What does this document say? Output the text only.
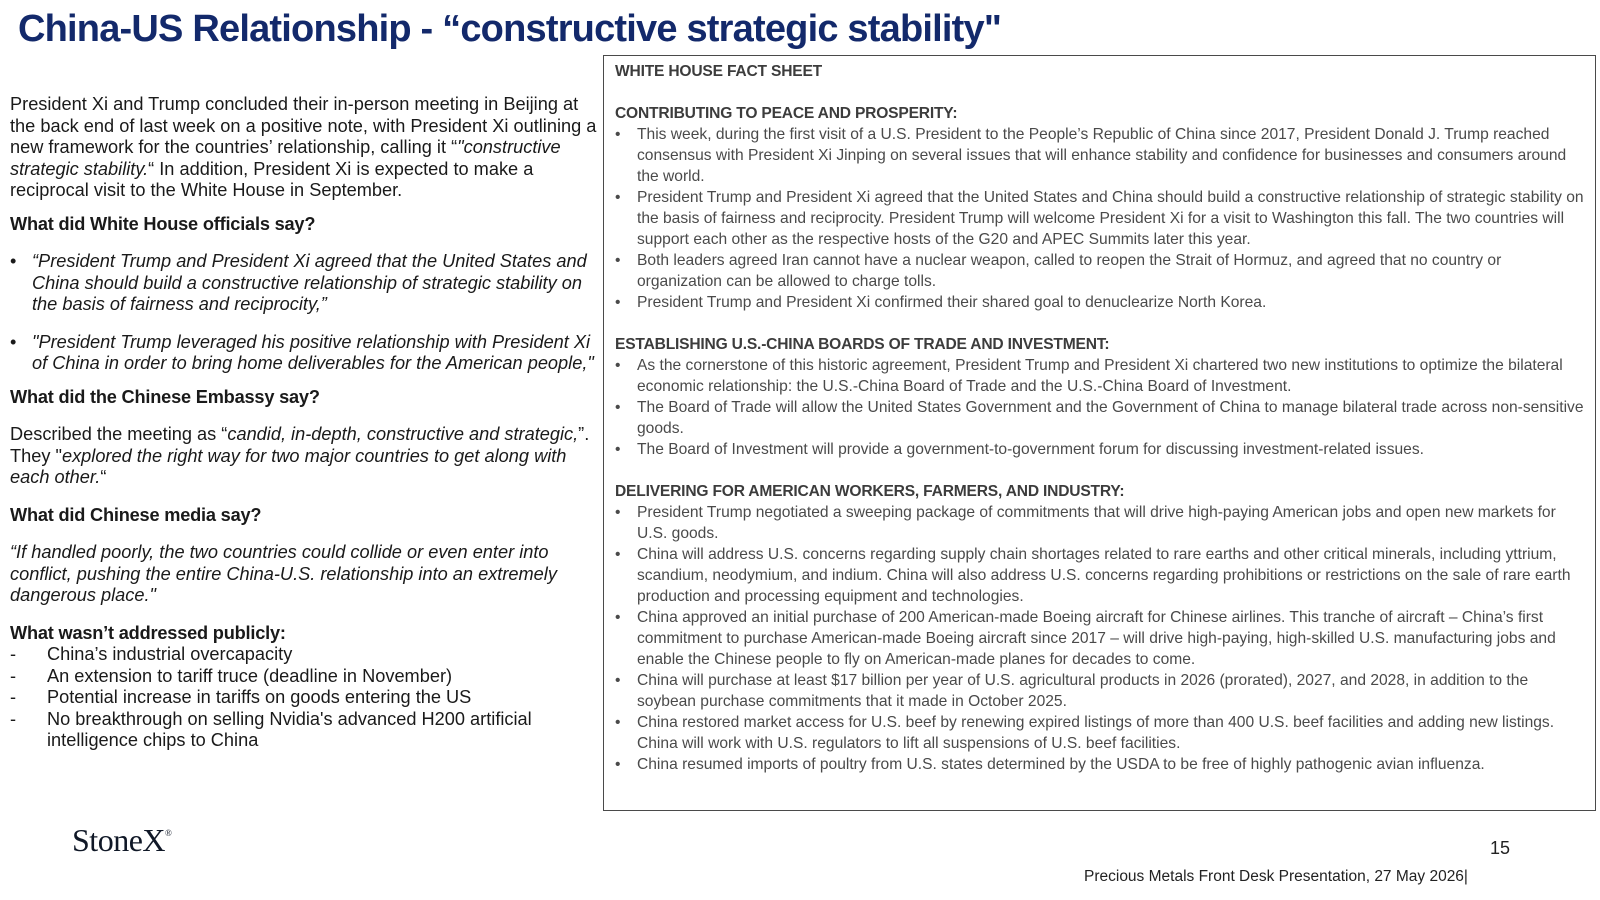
China-US Relationship - “constructive strategic stability"

President Xi and Trump concluded their in-person meeting in Beijing at the back end of last week on a positive note, with President Xi outlining a new framework for the countries’ relationship, calling it “"constructive strategic stability.“ In addition, President Xi is expected to make a reciprocal visit to the White House in September.

What did White House officials say?

• “President Trump and President Xi agreed that the United States and China should build a constructive relationship of strategic stability on the basis of fairness and reciprocity,”
• "President Trump leveraged his positive relationship with President Xi of China in order to bring home deliverables for the American people,"

What did the Chinese Embassy say?

Described the meeting as “candid, in-depth, constructive and strategic,”. They "explored the right way for two major countries to get along with each other.“

What did Chinese media say?

“If handled poorly, the two countries could collide or even enter into conflict, pushing the entire China-U.S. relationship into an extremely dangerous place."

What wasn’t addressed publicly:

- China’s industrial overcapacity
- An extension to tariff truce (deadline in November)
- Potential increase in tariffs on goods entering the US
- No breakthrough on selling Nvidia's advanced H200 artificial intelligence chips to China
WHITE HOUSE FACT SHEET
CONTRIBUTING TO PEACE AND PROSPERITY:
• This week, during the first visit of a U.S. President to the People’s Republic of China since 2017, President Donald J. Trump reached consensus with President Xi Jinping on several issues that will enhance stability and confidence for businesses and consumers around the world.
• President Trump and President Xi agreed that the United States and China should build a constructive relationship of strategic stability on the basis of fairness and reciprocity. President Trump will welcome President Xi for a visit to Washington this fall. The two countries will support each other as the respective hosts of the G20 and APEC Summits later this year.
• Both leaders agreed Iran cannot have a nuclear weapon, called to reopen the Strait of Hormuz, and agreed that no country or organization can be allowed to charge tolls.
• President Trump and President Xi confirmed their shared goal to denuclearize North Korea.
ESTABLISHING U.S.-CHINA BOARDS OF TRADE AND INVESTMENT:
• As the cornerstone of this historic agreement, President Trump and President Xi chartered two new institutions to optimize the bilateral economic relationship: the U.S.-China Board of Trade and the U.S.-China Board of Investment.
• The Board of Trade will allow the United States Government and the Government of China to manage bilateral trade across non-sensitive goods.
• The Board of Investment will provide a government-to-government forum for discussing investment-related issues.
DELIVERING FOR AMERICAN WORKERS, FARMERS, AND INDUSTRY:
• President Trump negotiated a sweeping package of commitments that will drive high-paying American jobs and open new markets for U.S. goods.
• China will address U.S. concerns regarding supply chain shortages related to rare earths and other critical minerals, including yttrium, scandium, neodymium, and indium. China will also address U.S. concerns regarding prohibitions or restrictions on the sale of rare earth production and processing equipment and technologies.
• China approved an initial purchase of 200 American-made Boeing aircraft for Chinese airlines. This tranche of aircraft – China’s first commitment to purchase American-made Boeing aircraft since 2017 – will drive high-paying, high-skilled U.S. manufacturing jobs and enable the Chinese people to fly on American-made planes for decades to come.
• China will purchase at least $17 billion per year of U.S. agricultural products in 2026 (prorated), 2027, and 2028, in addition to the soybean purchase commitments that it made in October 2025.
• China restored market access for U.S. beef by renewing expired listings of more than 400 U.S. beef facilities and adding new listings. China will work with U.S. regulators to lift all suspensions of U.S. beef facilities.
• China resumed imports of poultry from U.S. states determined by the USDA to be free of highly pathogenic avian influenza.
StoneX®
15
Precious Metals Front Desk Presentation, 27 May 2026|
